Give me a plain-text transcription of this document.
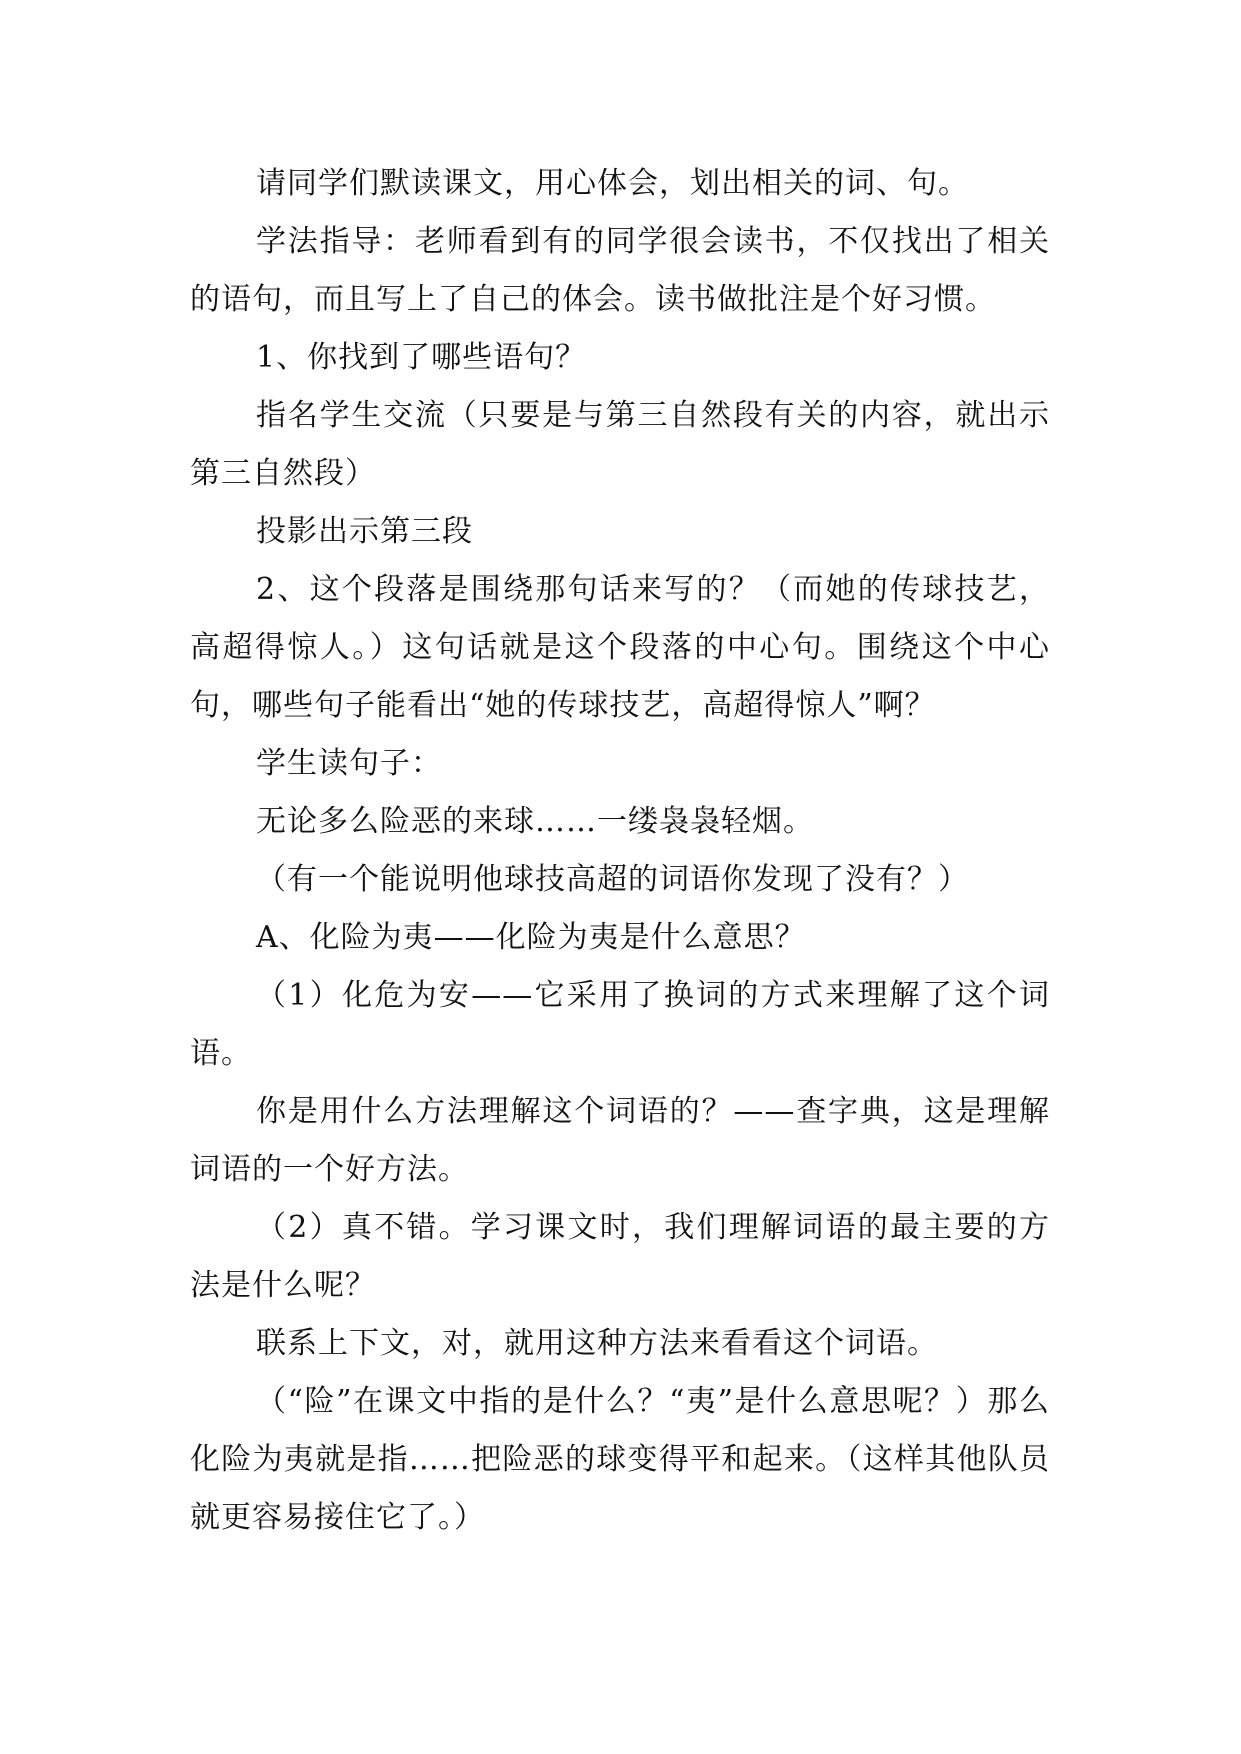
请同学们默读课文，用心体会，划出相关的词、句。

学法指导：老师看到有的同学很会读书，不仅找出了相关的语句，而且写上了自己的体会。读书做批注是个好习惯。

1、你找到了哪些语句？

指名学生交流（只要是与第三自然段有关的内容，就出示第三自然段）

投影出示第三段

2、这个段落是围绕那句话来写的？（而她的传球技艺，高超得惊人。）这句话就是这个段落的中心句。围绕这个中心句，哪些句子能看出“她的传球技艺，高超得惊人”啊？

学生读句子：

无论多么险恶的来球……一缕袅袅轻烟。

（有一个能说明他球技高超的词语你发现了没有？）

A、化险为夷——化险为夷是什么意思？

（1）化危为安——它采用了换词的方式来理解了这个词语。

你是用什么方法理解这个词语的？——查字典，这是理解词语的一个好方法。

（2）真不错。学习课文时，我们理解词语的最主要的方法是什么呢？

联系上下文，对，就用这种方法来看看这个词语。

（“险”在课文中指的是什么？“夷”是什么意思呢？）那么化险为夷就是指……把险恶的球变得平和起来。（这样其他队员就更容易接住它了。）
